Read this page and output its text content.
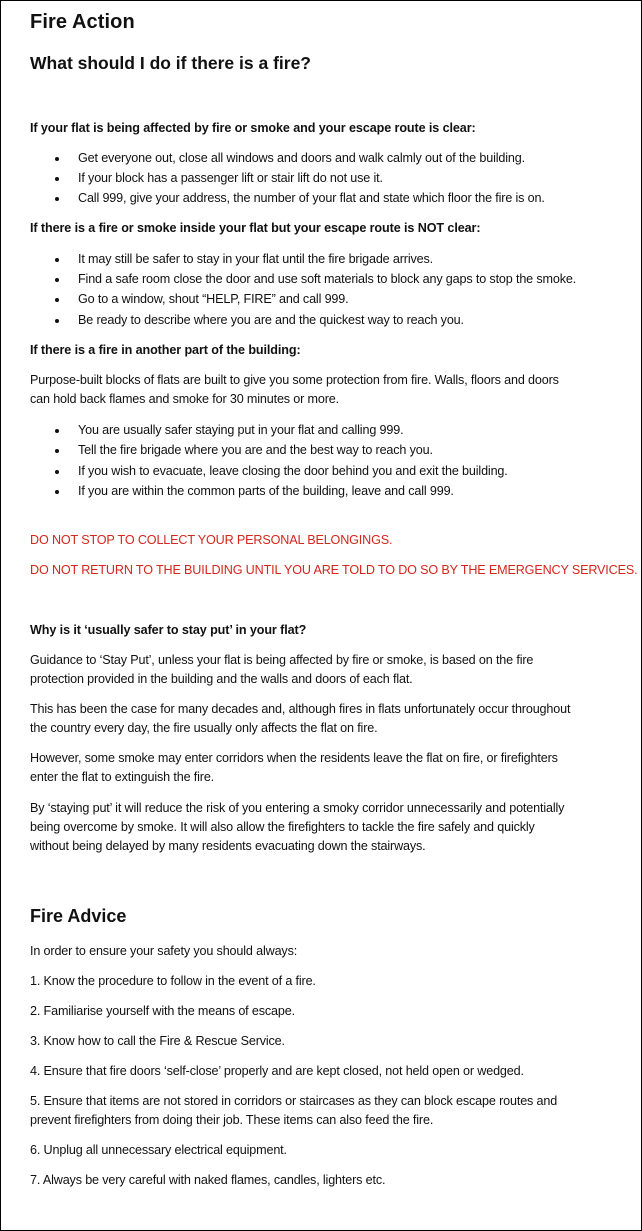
Fire Action
What should I do if there is a fire?
If your flat is being affected by fire or smoke and your escape route is clear:
Get everyone out, close all windows and doors and walk calmly out of the building.
If your block has a passenger lift or stair lift do not use it.
Call 999, give your address, the number of your flat and state which floor the fire is on.
If there is a fire or smoke inside your flat but your escape route is NOT clear:
It may still be safer to stay in your flat until the fire brigade arrives.
Find a safe room close the door and use soft materials to block any gaps to stop the smoke.
Go to a window, shout “HELP, FIRE” and call 999.
Be ready to describe where you are and the quickest way to reach you.
If there is a fire in another part of the building:
Purpose-built blocks of flats are built to give you some protection from fire. Walls, floors and doors
can hold back flames and smoke for 30 minutes or more.
You are usually safer staying put in your flat and calling 999.
Tell the fire brigade where you are and the best way to reach you.
If you wish to evacuate, leave closing the door behind you and exit the building.
If you are within the common parts of the building, leave and call 999.
DO NOT STOP TO COLLECT YOUR PERSONAL BELONGINGS.
DO NOT RETURN TO THE BUILDING UNTIL YOU ARE TOLD TO DO SO BY THE EMERGENCY SERVICES.
Why is it ‘usually safer to stay put’ in your flat?
Guidance to ‘Stay Put’, unless your flat is being affected by fire or smoke, is based on the fire
protection provided in the building and the walls and doors of each flat.
This has been the case for many decades and, although fires in flats unfortunately occur throughout
the country every day, the fire usually only affects the flat on fire.
However, some smoke may enter corridors when the residents leave the flat on fire, or firefighters
enter the flat to extinguish the fire.
By ‘staying put’ it will reduce the risk of you entering a smoky corridor unnecessarily and potentially
being overcome by smoke. It will also allow the firefighters to tackle the fire safely and quickly
without being delayed by many residents evacuating down the stairways.
Fire Advice
In order to ensure your safety you should always:
1. Know the procedure to follow in the event of a fire.
2. Familiarise yourself with the means of escape.
3. Know how to call the Fire & Rescue Service.
4. Ensure that fire doors ‘self-close’ properly and are kept closed, not held open or wedged.
5. Ensure that items are not stored in corridors or staircases as they can block escape routes and
prevent firefighters from doing their job. These items can also feed the fire.
6. Unplug all unnecessary electrical equipment.
7. Always be very careful with naked flames, candles, lighters etc.
